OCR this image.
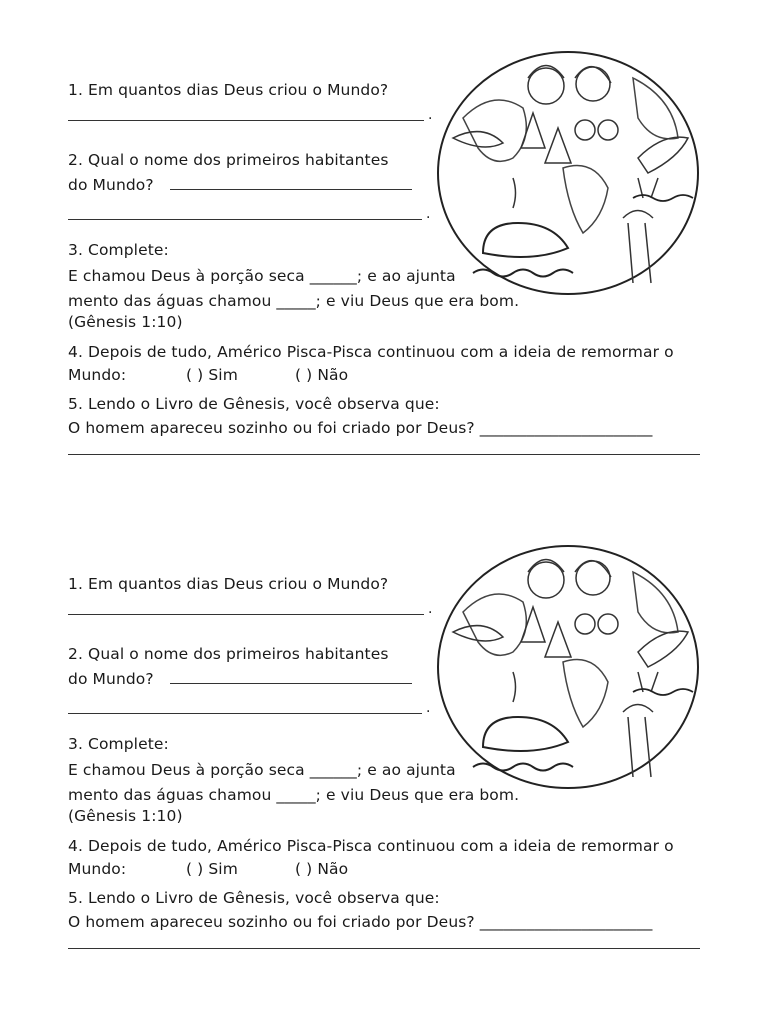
1. Em quantos dias Deus criou o Mundo?
.
2. Qual o nome dos primeiros habitantes
do Mundo?
.
3. Complete:
E chamou Deus à porção seca ______; e ao ajunta
mento das águas chamou _____; e viu Deus que era bom.
(Gênesis 1:10)
4. Depois de tudo, Américo Pisca-Pisca continuou com a ideia de remormar o
Mundo:	( ) Sim	( ) Não
5. Lendo o Livro de Gênesis, você observa que:
O homem apareceu sozinho ou foi criado por Deus? ______________________
1. Em quantos dias Deus criou o Mundo?
.
2. Qual o nome dos primeiros habitantes
do Mundo?
.
3. Complete:
E chamou Deus à porção seca ______; e ao ajunta
mento das águas chamou _____; e viu Deus que era bom.
(Gênesis 1:10)
4. Depois de tudo, Américo Pisca-Pisca continuou com a ideia de remormar o
Mundo:	( ) Sim	( ) Não
5. Lendo o Livro de Gênesis, você observa que:
O homem apareceu sozinho ou foi criado por Deus? ______________________
